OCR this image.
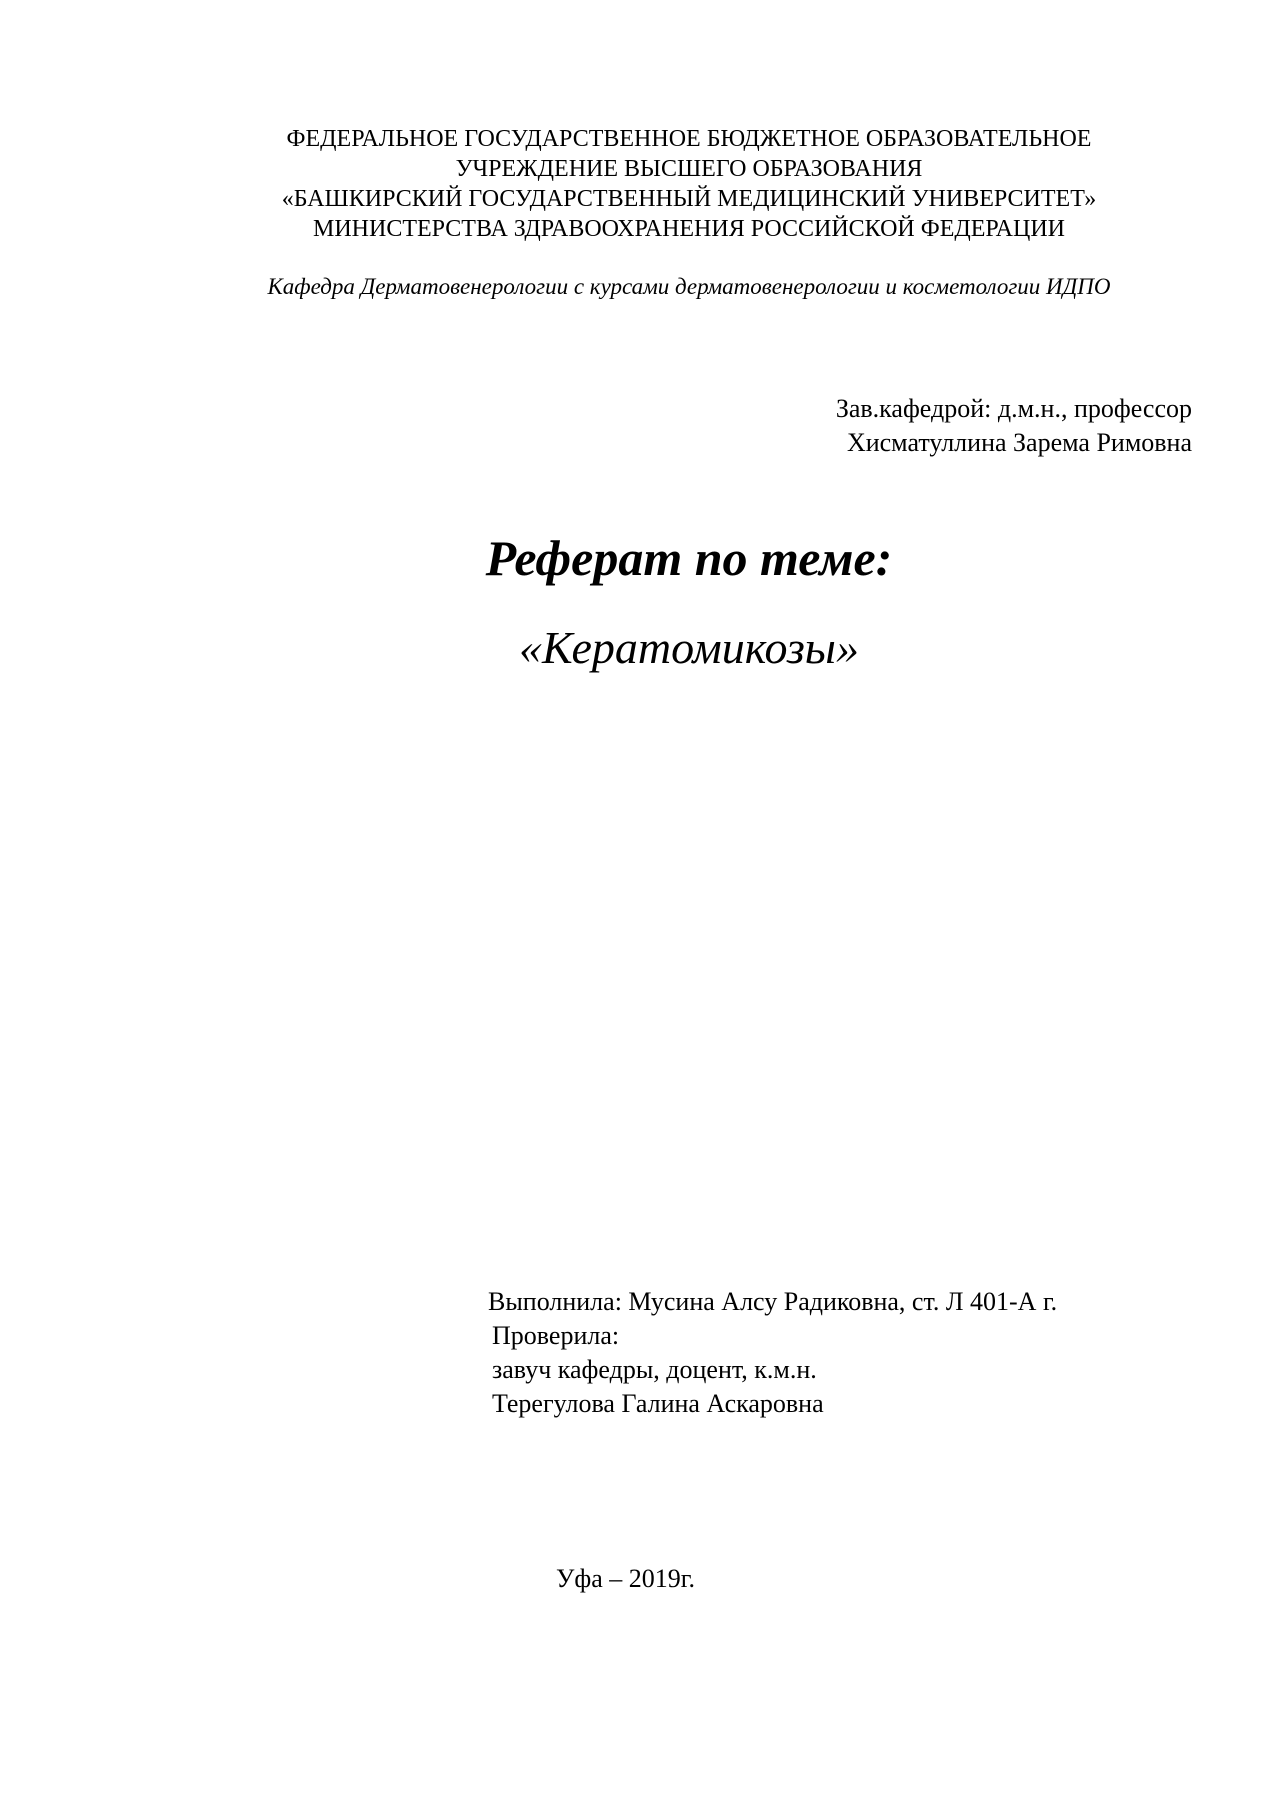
ФЕДЕРАЛЬНОЕ ГОСУДАРСТВЕННОЕ БЮДЖЕТНОЕ ОБРАЗОВАТЕЛЬНОЕ
УЧРЕЖДЕНИЕ ВЫСШЕГО ОБРАЗОВАНИЯ
«БАШКИРСКИЙ ГОСУДАРСТВЕННЫЙ МЕДИЦИНСКИЙ УНИВЕРСИТЕТ»
МИНИСТЕРСТВА ЗДРАВООХРАНЕНИЯ РОССИЙСКОЙ ФЕДЕРАЦИИ
Кафедра Дерматовенерологии с курсами дерматовенерологии и косметологии ИДПО
Зав.кафедрой: д.м.н., профессор
Хисматуллина Зарема Римовна
Реферат по теме:
«Кератомикозы»
Выполнила: Мусина Алсу Радиковна, ст. Л 401-А г.
Проверила:
завуч кафедры, доцент, к.м.н.
Терегулова Галина Аскаровна
Уфа – 2019г.
